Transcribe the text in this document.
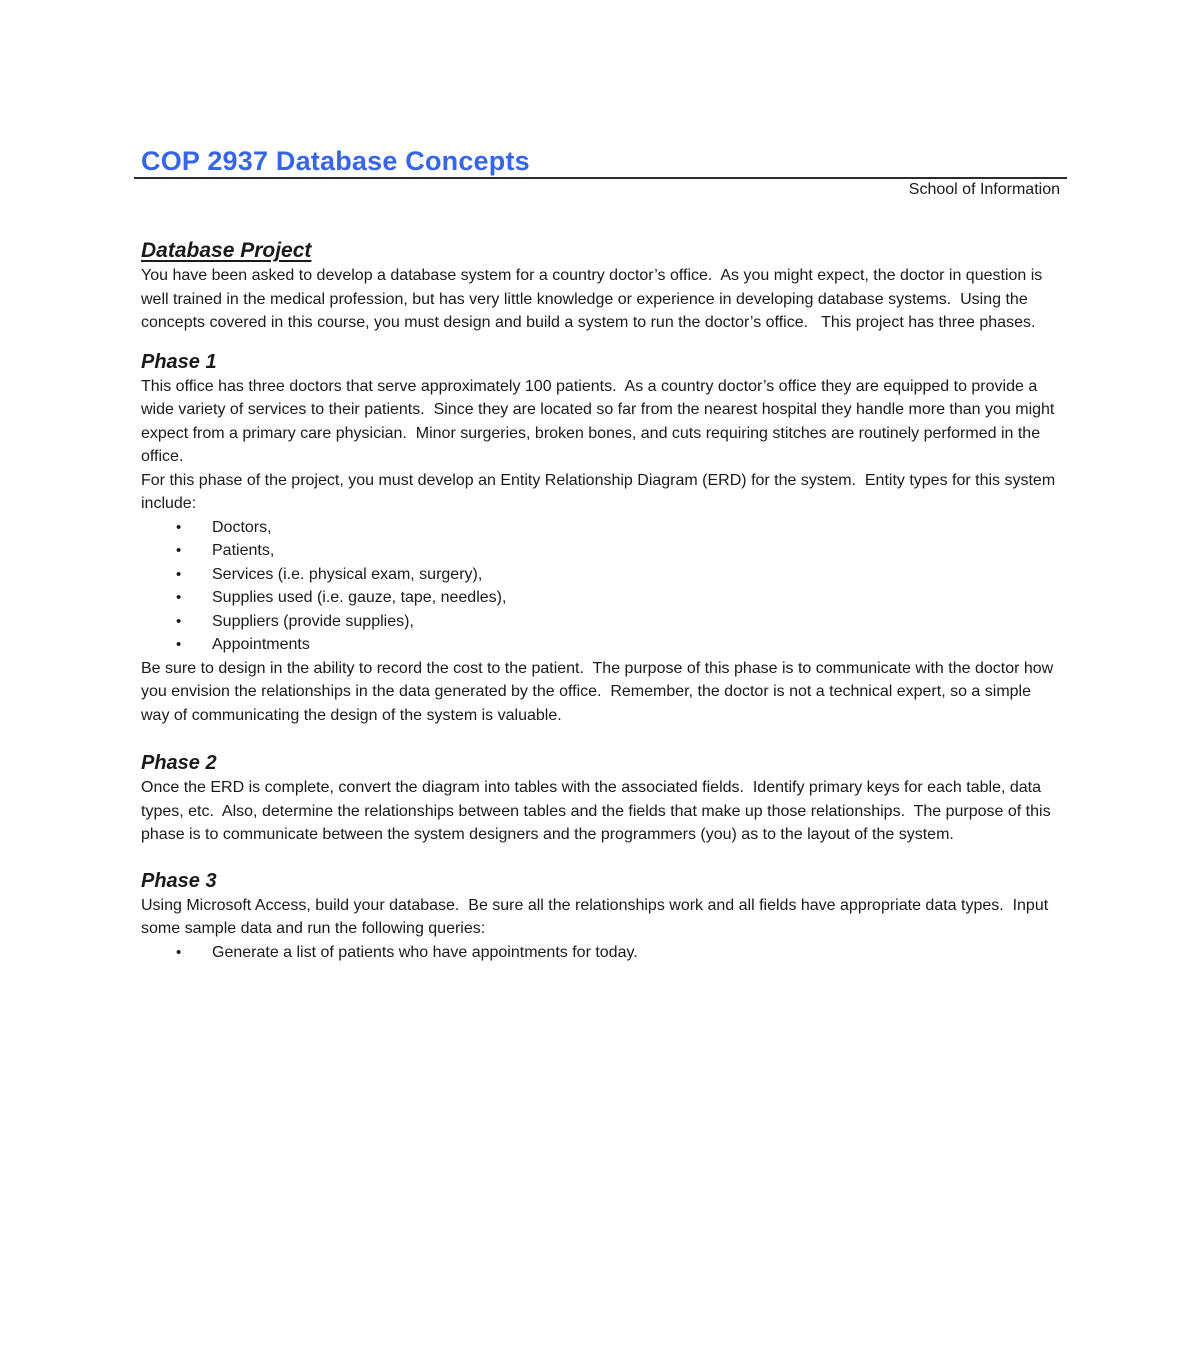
COP 2937 Database Concepts
School of Information
Database Project

You have been asked to develop a database system for a country doctor’s office.  As you might expect, the doctor in question is well trained in the medical profession, but has very little knowledge or experience in developing database systems.  Using the concepts covered in this course, you must design and build a system to run the doctor’s office.   This project has three phases.

Phase 1

This office has three doctors that serve approximately 100 patients.  As a country doctor’s office they are equipped to provide a wide variety of services to their patients.  Since they are located so far from the nearest hospital they handle more than you might expect from a primary care physician.  Minor surgeries, broken bones, and cuts requiring stitches are routinely performed in the office.

For this phase of the project, you must develop an Entity Relationship Diagram (ERD) for the system.  Entity types for this system include:

• Doctors,
• Patients,
• Services (i.e. physical exam, surgery),
• Supplies used (i.e. gauze, tape, needles),
• Suppliers (provide supplies),
• Appointments

Be sure to design in the ability to record the cost to the patient.  The purpose of this phase is to communicate with the doctor how you envision the relationships in the data generated by the office.  Remember, the doctor is not a technical expert, so a simple way of communicating the design of the system is valuable.

Phase 2

Once the ERD is complete, convert the diagram into tables with the associated fields.  Identify primary keys for each table, data types, etc.  Also, determine the relationships between tables and the fields that make up those relationships.  The purpose of this phase is to communicate between the system designers and the programmers (you) as to the layout of the system.

Phase 3

Using Microsoft Access, build your database.  Be sure all the relationships work and all fields have appropriate data types.  Input some sample data and run the following queries:

• Generate a list of patients who have appointments for today.
